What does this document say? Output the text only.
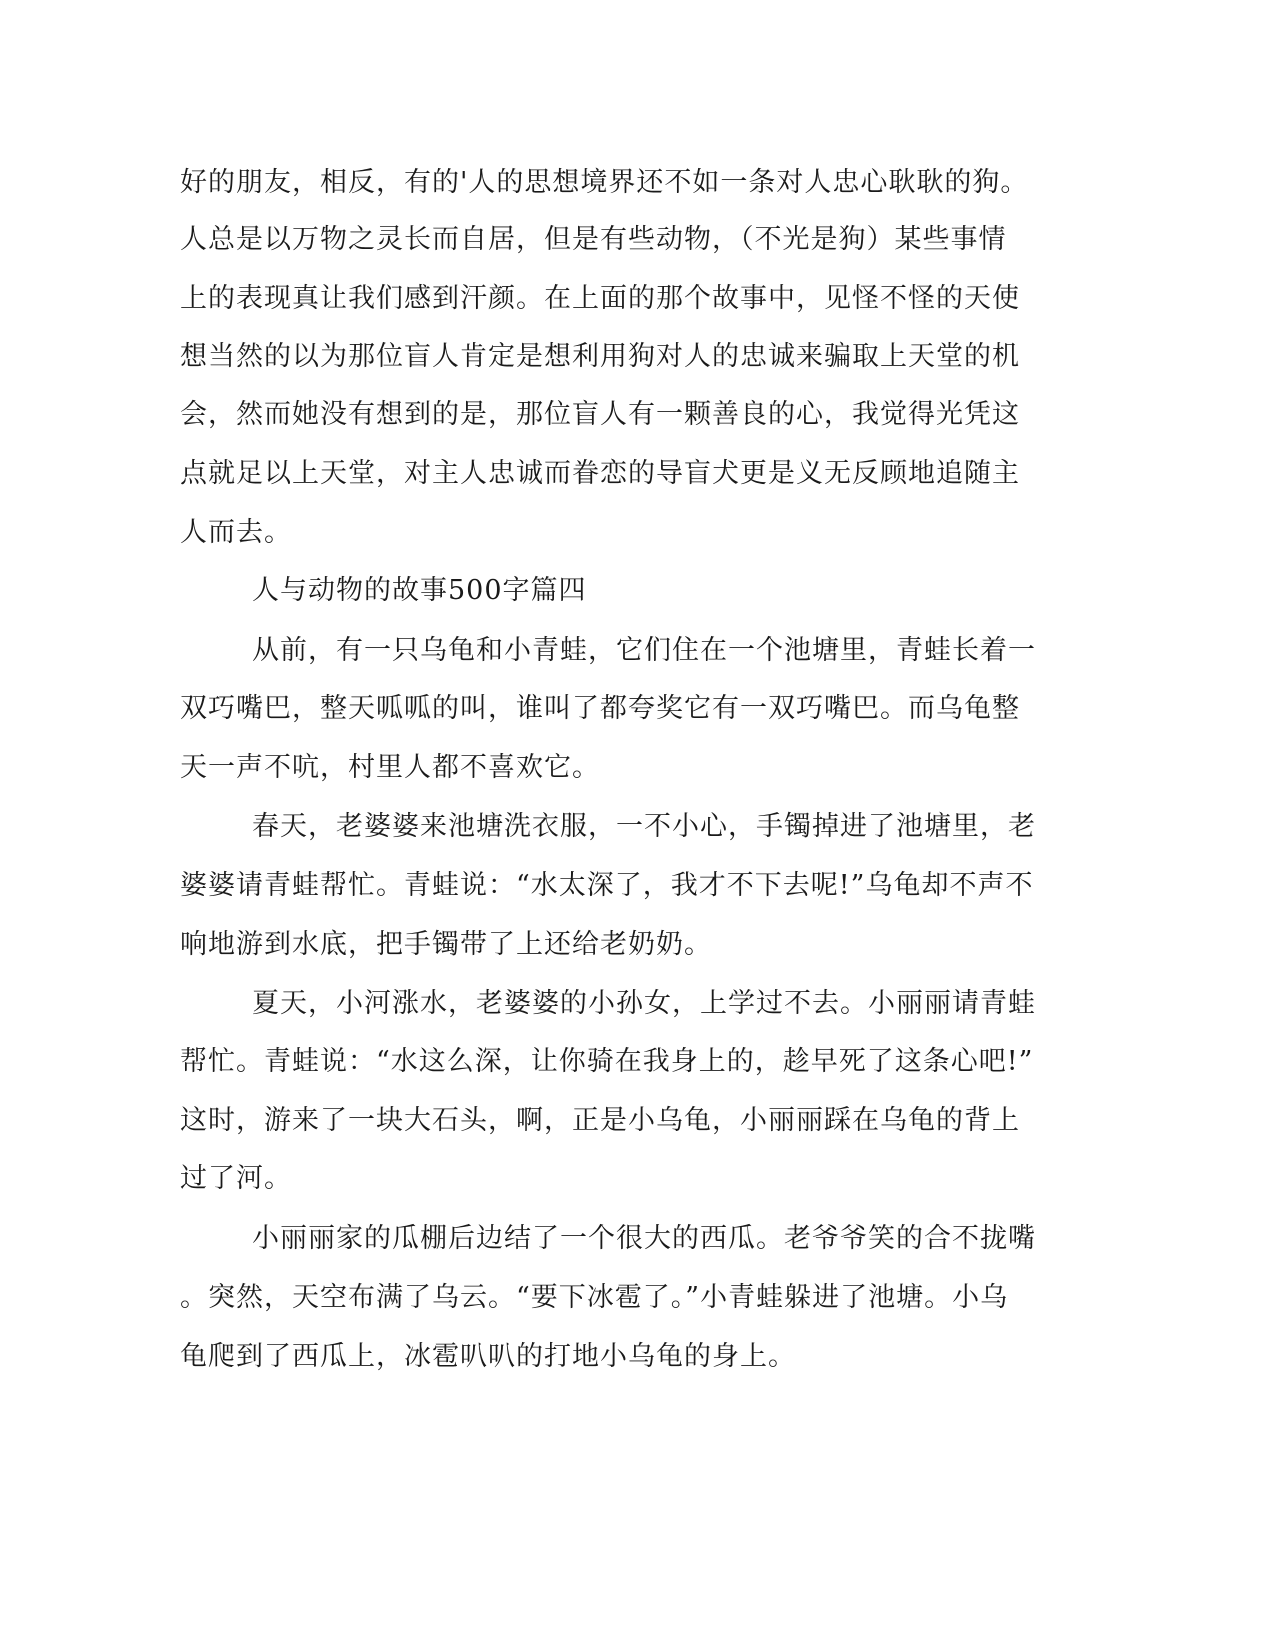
好的朋友，相反，有的'人的思想境界还不如一条对人忠心耿耿的狗。
人总是以万物之灵长而自居，但是有些动物，（不光是狗）某些事情
上的表现真让我们感到汗颜。在上面的那个故事中，见怪不怪的天使
想当然的以为那位盲人肯定是想利用狗对人的忠诚来骗取上天堂的机
会，然而她没有想到的是，那位盲人有一颗善良的心，我觉得光凭这
点就足以上天堂，对主人忠诚而眷恋的导盲犬更是义无反顾地追随主
人而去。
人与动物的故事500字篇四
从前，有一只乌龟和小青蛙，它们住在一个池塘里，青蛙长着一
双巧嘴巴，整天呱呱的叫，谁叫了都夸奖它有一双巧嘴巴。而乌龟整
天一声不吭，村里人都不喜欢它。
春天，老婆婆来池塘洗衣服，一不小心，手镯掉进了池塘里，老
婆婆请青蛙帮忙。青蛙说：“水太深了，我才不下去呢!”乌龟却不声不
响地游到水底，把手镯带了上还给老奶奶。
夏天，小河涨水，老婆婆的小孙女，上学过不去。小丽丽请青蛙
帮忙。青蛙说：“水这么深，让你骑在我身上的，趁早死了这条心吧!”
这时，游来了一块大石头，啊，正是小乌龟，小丽丽踩在乌龟的背上
过了河。
小丽丽家的瓜棚后边结了一个很大的西瓜。老爷爷笑的合不拢嘴
。突然，天空布满了乌云。“要下冰雹了。”小青蛙躲进了池塘。小乌
龟爬到了西瓜上，冰雹叭叭的打地小乌龟的身上。
